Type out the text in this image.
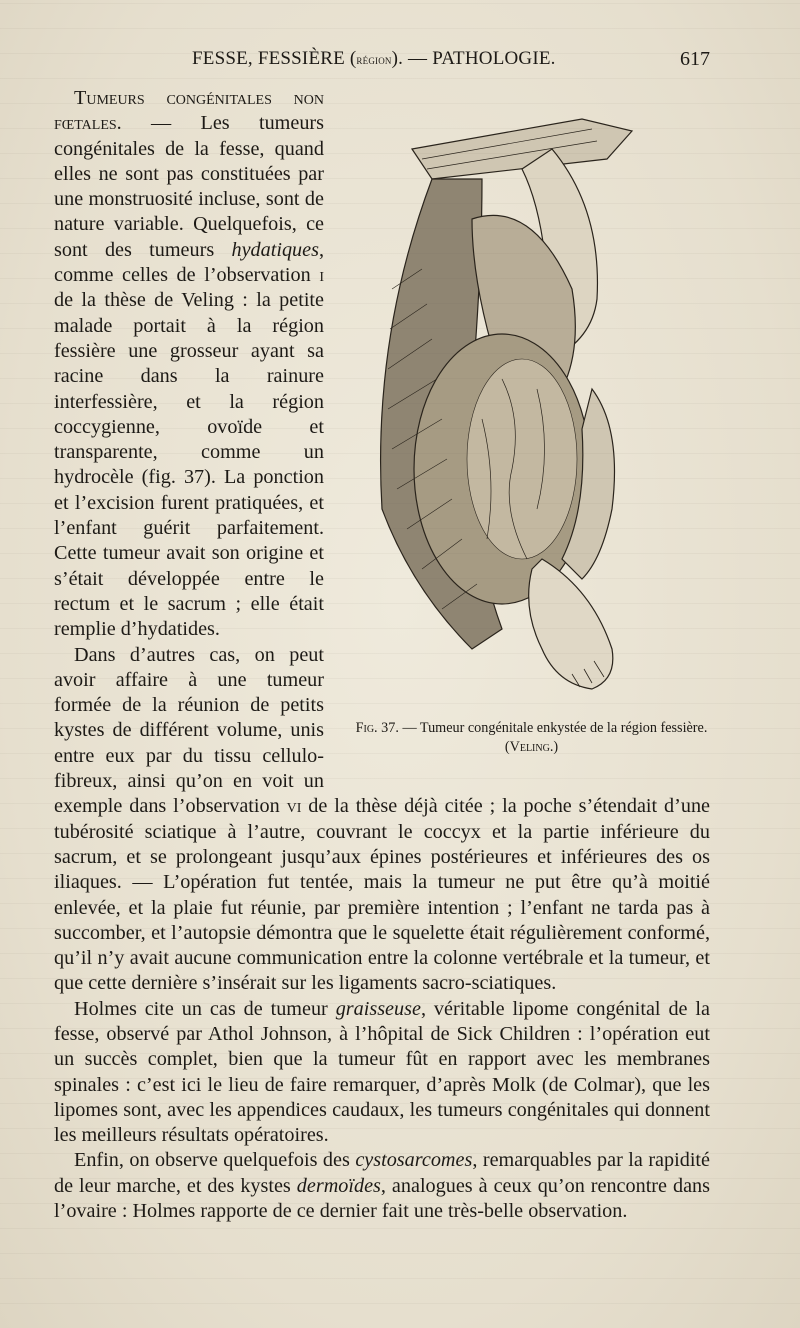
FESSE, FESSIÈRE (région). — PATHOLOGIE.	617
Fig. 37. — Tumeur congénitale enkystée de la région fessière. (Veling.)

Tumeurs congénitales non fœtales. — Les tumeurs congénitales de la fesse, quand elles ne sont pas constituées par une monstruosité incluse, sont de nature variable. Quelquefois, ce sont des tumeurs hydatiques, comme celles de l’observation i de la thèse de Veling : la petite malade portait à la région fessière une grosseur ayant sa racine dans la rainure interfessière, et la région coccygienne, ovoïde et transparente, comme un hydrocèle (fig. 37). La ponction et l’excision furent pratiquées, et l’enfant guérit parfaitement. Cette tumeur avait son origine et s’était développée entre le rectum et le sacrum ; elle était remplie d’hydatides.

Dans d’autres cas, on peut avoir affaire à une tumeur formée de la réunion de petits kystes de différent volume, unis entre eux par du tissu cellulo-fibreux, ainsi qu’on en voit un exemple dans l’observation vi de la thèse déjà citée ; la poche s’étendait d’une tubérosité sciatique à l’autre, couvrant le coccyx et la partie inférieure du sacrum, et se prolongeant jusqu’aux épines postérieures et inférieures des os iliaques. — L’opération fut tentée, mais la tumeur ne put être qu’à moitié enlevée, et la plaie fut réunie, par première intention ; l’enfant ne tarda pas à succomber, et l’autopsie démontra que le squelette était régulièrement conformé, qu’il n’y avait aucune communication entre la colonne vertébrale et la tumeur, et que cette dernière s’insérait sur les ligaments sacro-sciatiques.

Holmes cite un cas de tumeur graisseuse, véritable lipome congénital de la fesse, observé par Athol Johnson, à l’hôpital de Sick Children : l’opération eut un succès complet, bien que la tumeur fût en rapport avec les membranes spinales : c’est ici le lieu de faire remarquer, d’après Molk (de Colmar), que les lipomes sont, avec les appendices caudaux, les tumeurs congénitales qui donnent les meilleurs résultats opératoires.

Enfin, on observe quelquefois des cystosarcomes, remarquables par la rapidité de leur marche, et des kystes dermoïdes, analogues à ceux qu’on rencontre dans l’ovaire : Holmes rapporte de ce dernier fait une très-belle observation.
